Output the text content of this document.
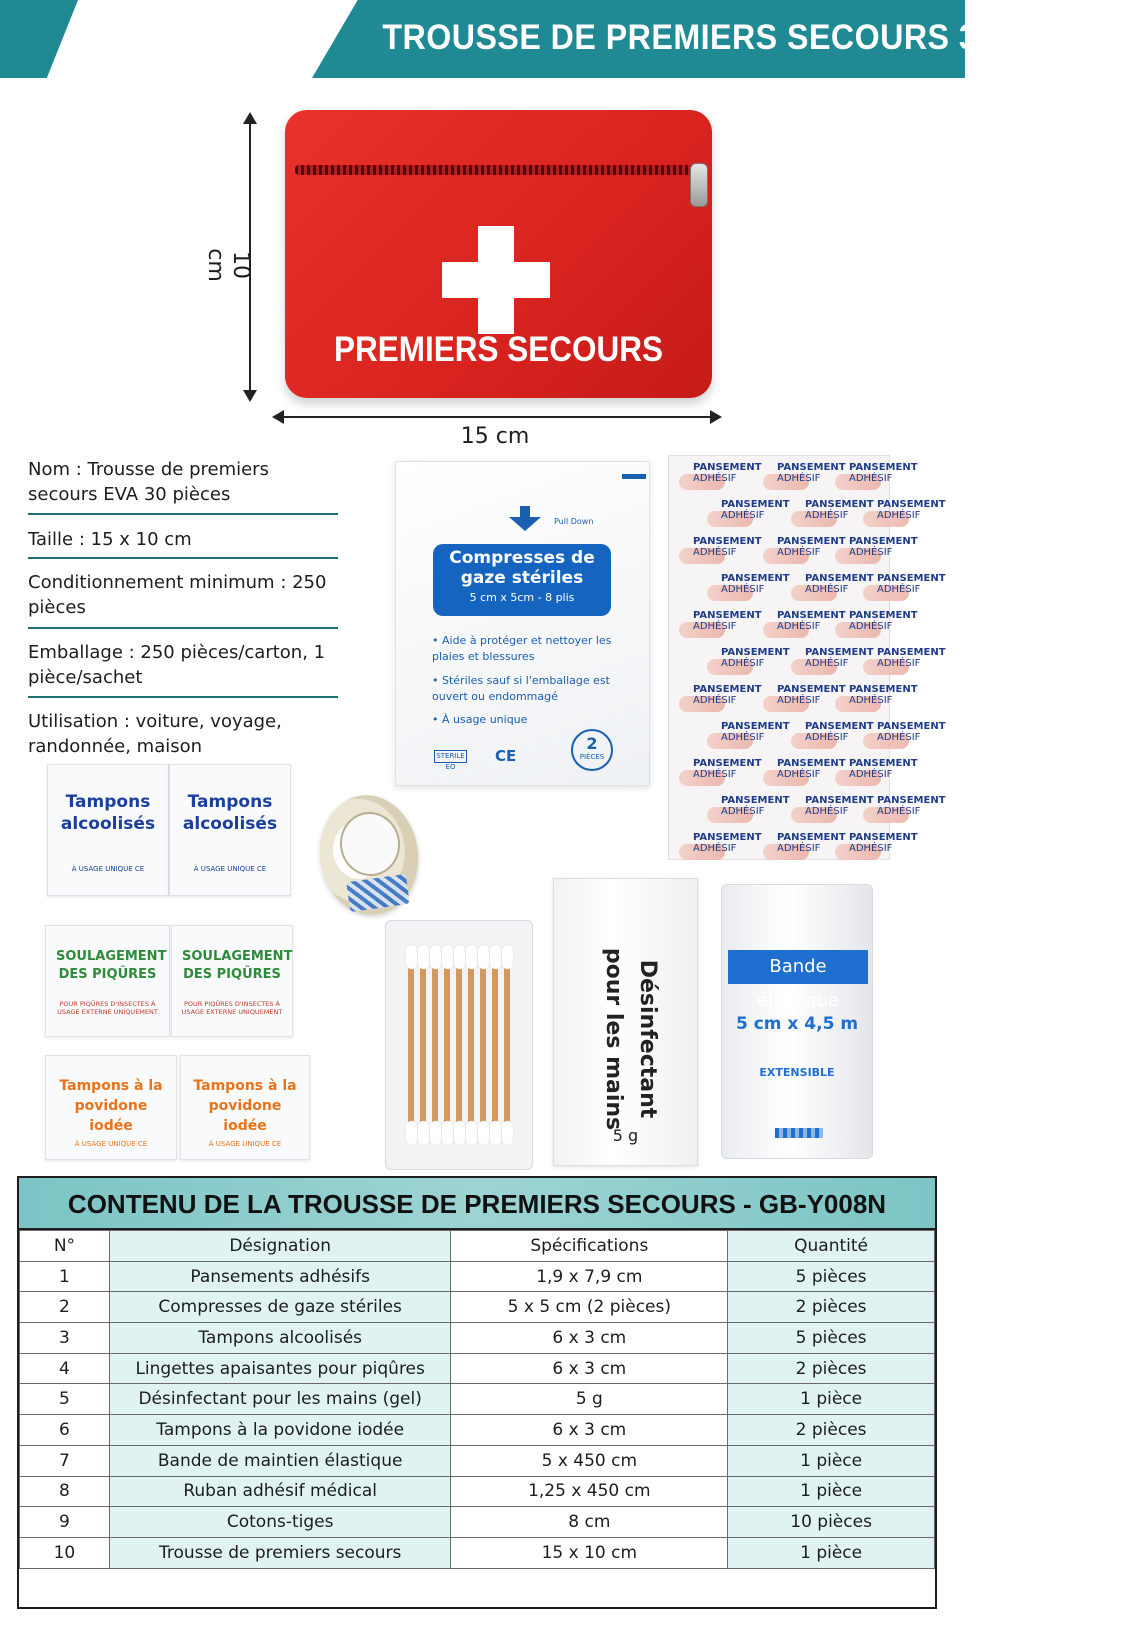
TROUSSE DE PREMIERS SECOURS 30 PIÈCES
PREMIERS SECOURS
10 cm
15 cm
Nom : Trousse de premiers secours EVA 30 pièces
Taille : 15 x 10 cm
Conditionnement minimum : 250 pièces
Emballage : 250 pièces/carton, 1 pièce/sachet
Utilisation : voiture, voyage, randonnée, maison
Pull Down
Compresses de gaze stériles
5 cm x 5cm - 8 plis
• Aide à protéger et nettoyer les plaies et blessures
• Stériles sauf si l'emballage est ouvert ou endommagé
• À usage unique
STERILE EO
CE
2
PIÈCES
PANSEMENT
ADHÉSIF
PANSEMENT
ADHÉSIF
PANSEMENT
ADHÉSIF
PANSEMENT
ADHÉSIF
PANSEMENT
ADHÉSIF
PANSEMENT
ADHÉSIF
PANSEMENT
ADHÉSIF
PANSEMENT
ADHÉSIF
PANSEMENT
ADHÉSIF
PANSEMENT
ADHÉSIF
PANSEMENT
ADHÉSIF
PANSEMENT
ADHÉSIF
PANSEMENT
ADHÉSIF
PANSEMENT
ADHÉSIF
PANSEMENT
ADHÉSIF
PANSEMENT
ADHÉSIF
PANSEMENT
ADHÉSIF
PANSEMENT
ADHÉSIF
PANSEMENT
ADHÉSIF
PANSEMENT
ADHÉSIF
PANSEMENT
ADHÉSIF
PANSEMENT
ADHÉSIF
PANSEMENT
ADHÉSIF
PANSEMENT
ADHÉSIF
PANSEMENT
ADHÉSIF
PANSEMENT
ADHÉSIF
PANSEMENT
ADHÉSIF
PANSEMENT
ADHÉSIF
PANSEMENT
ADHÉSIF
PANSEMENT
ADHÉSIF
PANSEMENT
ADHÉSIF
PANSEMENT
ADHÉSIF
PANSEMENT
ADHÉSIF
Tampons alcoolisés
À USAGE UNIQUE CE
Tampons alcoolisés
À USAGE UNIQUE CE
SOULAGEMENT DES PIQÛRES
POUR PIQÛRES D'INSECTES À USAGE EXTERNE UNIQUEMENT
SOULAGEMENT DES PIQÛRES
POUR PIQÛRES D'INSECTES À USAGE EXTERNE UNIQUEMENT
Tampons à la povidone iodée
À USAGE UNIQUE CE
Tampons à la povidone iodée
À USAGE UNIQUE CE
Désinfectant pour les mains
5 g
Bande élastique
5 cm x 4,5 m
EXTENSIBLE
CONTENU DE LA TROUSSE DE PREMIERS SECOURS - GB-Y008N
N°	Désignation	Spécifications	Quantité
1	Pansements adhésifs	1,9 x 7,9 cm	5 pièces
2	Compresses de gaze stériles	5 x 5 cm (2 pièces)	2 pièces
3	Tampons alcoolisés	6 x 3 cm	5 pièces
4	Lingettes apaisantes pour piqûres	6 x 3 cm	2 pièces
5	Désinfectant pour les mains (gel)	5 g	1 pièce
6	Tampons à la povidone iodée	6 x 3 cm	2 pièces
7	Bande de maintien élastique	5 x 450 cm	1 pièce
8	Ruban adhésif médical	1,25 x 450 cm	1 pièce
9	Cotons-tiges	8 cm	10 pièces
10	Trousse de premiers secours	15 x 10 cm	1 pièce
